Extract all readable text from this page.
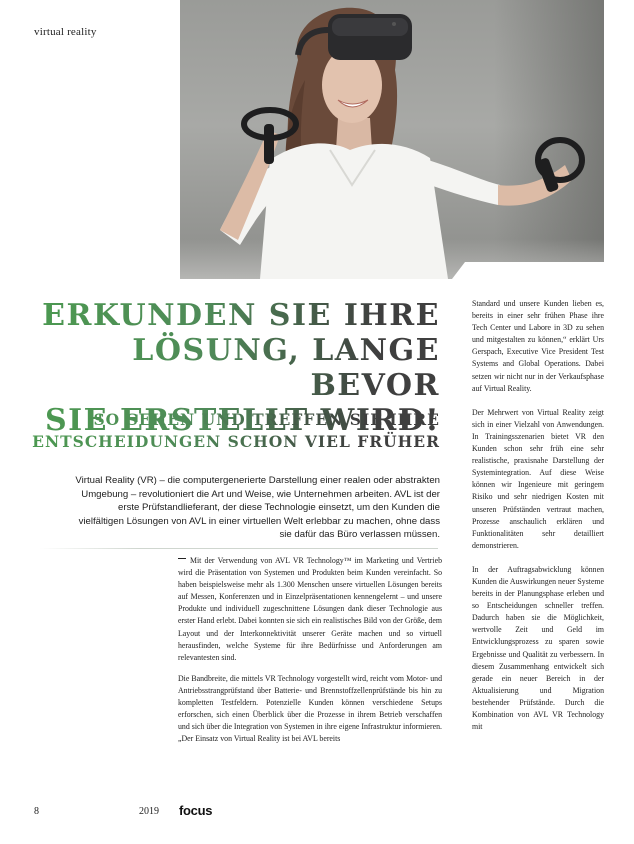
virtual reality
ERKUNDEN SIE IHRE
LÖSUNG, LANGE BEVOR
SO SEHEN UND TREFFEN SIE IHRE
ENTSCHEIDUNGEN SCHON VIEL FRÜHER
Virtual Reality (VR) – die computergenerierte Darstellung einer realen oder abstrakten Umgebung – revolutioniert die Art und Weise, wie Unternehmen arbeiten. AVL ist der erste Prüfstandlieferant, der diese Technologie einsetzt, um den Kunden die vielfältigen Lösungen von AVL in einer virtuellen Welt erlebbar zu machen, ohne dass sie dafür das Büro verlassen müssen.

Mit der Verwendung von AVL VR Technology™ im Marketing und Vertrieb wird die Präsentation von Systemen und Produkten beim Kunden vereinfacht. So haben beispielsweise mehr als 1.300 Menschen unsere virtuellen Lösungen bereits auf Messen, Konferenzen und in Einzelpräsentationen kennengelernt – und unsere Produkte und individuell zugeschnittene Lösungen dank dieser Technologie aus erster Hand erlebt. Dabei konnten sie sich ein realistisches Bild von der Größe, dem Layout und der Interkonnektivität unserer Geräte machen und so virtuell herausfinden, welche Systeme für ihre Bedürfnisse und Anforderungen am relevantesten sind.

Die Bandbreite, die mittels VR Technology vorgestellt wird, reicht vom Motor- und Antriebsstrangprüfstand über Batterie- und Brennstoffzellenprüfstände bis hin zu kompletten Testfeldern. Potenzielle Kunden können verschiedene Setups erforschen, sich einen Überblick über die Prozesse in ihrem Betrieb verschaffen und sich über die Integration von Systemen in ihre eigene Infrastruktur informieren. „Der Einsatz von Virtual Reality ist bei AVL bereits

Standard und unsere Kunden lieben es, bereits in einer sehr frühen Phase ihre Tech Center und Labore in 3D zu sehen und mitgestalten zu können,“ erklärt Urs Gerspach, Executive Vice President Test Systems and Global Operations. Dabei setzen wir nicht nur in der Verkaufsphase auf Virtual Reality.

Der Mehrwert von Virtual Reality zeigt sich in einer Vielzahl von Anwendungen. In Trainingsszenarien bietet VR den Kunden schon sehr früh eine sehr realistische, praxisnahe Darstellung der Systemintegration. Auf diese Weise können wir Ingenieure mit geringem Risiko und sehr niedrigen Kosten mit unseren Prüfständen vertraut machen, Prozesse anschaulich erklären und Funktionalitäten sehr detailliert demonstrieren.

In der Auftragsabwicklung können Kunden die Auswirkungen neuer Systeme bereits in der Planungsphase erleben und so Entscheidungen schneller treffen. Dadurch haben sie die Möglichkeit, wertvolle Zeit und Geld im Entwicklungsprozess zu sparen sowie Ergebnisse und Qualität zu verbessern. In diesem Zusammenhang entwickelt sich gerade ein neuer Bereich in der Aktualisierung und Migration bestehender Prüfstände. Durch die Kombination von AVL VR Technology mit

8	2019 focus
